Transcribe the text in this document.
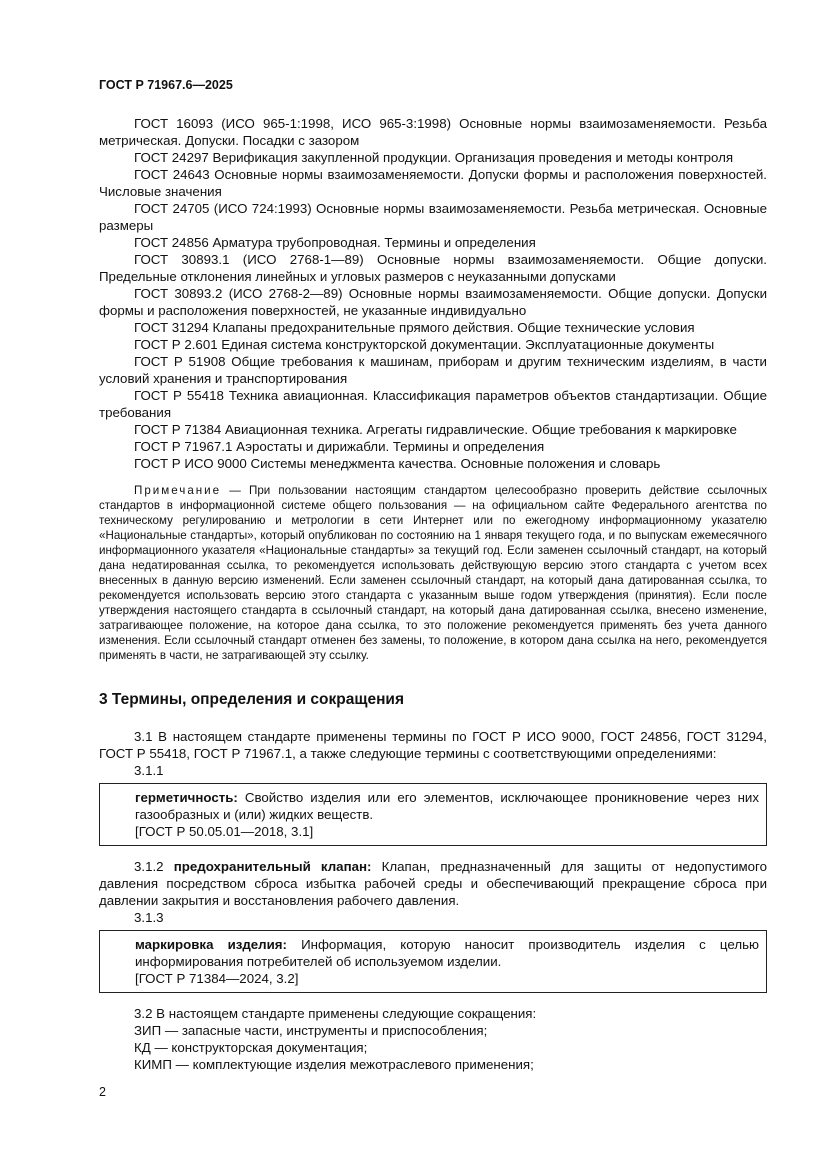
ГОСТ Р 71967.6—2025

ГОСТ 16093 (ИСО 965-1:1998, ИСО 965-3:1998) Основные нормы взаимозаменяемости. Резьба метрическая. Допуски. Посадки с зазором

ГОСТ 24297 Верификация закупленной продукции. Организация проведения и методы контроля

ГОСТ 24643 Основные нормы взаимозаменяемости. Допуски формы и расположения поверхностей. Числовые значения

ГОСТ 24705 (ИСО 724:1993) Основные нормы взаимозаменяемости. Резьба метрическая. Основные размеры

ГОСТ 24856 Арматура трубопроводная. Термины и определения

ГОСТ 30893.1 (ИСО 2768-1—89) Основные нормы взаимозаменяемости. Общие допуски. Предельные отклонения линейных и угловых размеров с неуказанными допусками

ГОСТ 30893.2 (ИСО 2768-2—89) Основные нормы взаимозаменяемости. Общие допуски. Допуски формы и расположения поверхностей, не указанные индивидуально

ГОСТ 31294 Клапаны предохранительные прямого действия. Общие технические условия

ГОСТ Р 2.601 Единая система конструкторской документации. Эксплуатационные документы

ГОСТ Р 51908 Общие требования к машинам, приборам и другим техническим изделиям, в части условий хранения и транспортирования

ГОСТ Р 55418 Техника авиационная. Классификация параметров объектов стандартизации. Общие требования

ГОСТ Р 71384 Авиационная техника. Агрегаты гидравлические. Общие требования к маркировке

ГОСТ Р 71967.1 Аэростаты и дирижабли. Термины и определения

ГОСТ Р ИСО 9000 Системы менеджмента качества. Основные положения и словарь

Примечание — При пользовании настоящим стандартом целесообразно проверить действие ссылочных стандартов в информационной системе общего пользования — на официальном сайте Федерального агентства по техническому регулированию и метрологии в сети Интернет или по ежегодному информационному указателю «Национальные стандарты», который опубликован по состоянию на 1 января текущего года, и по выпускам ежемесячного информационного указателя «Национальные стандарты» за текущий год. Если заменен ссылочный стандарт, на который дана недатированная ссылка, то рекомендуется использовать действующую версию этого стандарта с учетом всех внесенных в данную версию изменений. Если заменен ссылочный стандарт, на который дана датированная ссылка, то рекомендуется использовать версию этого стандарта с указанным выше годом утверждения (принятия). Если после утверждения настоящего стандарта в ссылочный стандарт, на который дана датированная ссылка, внесено изменение, затрагивающее положение, на которое дана ссылка, то это положение рекомендуется применять без учета данного изменения. Если ссылочный стандарт отменен без замены, то положение, в котором дана ссылка на него, рекомендуется применять в части, не затрагивающей эту ссылку.

3 Термины, определения и сокращения

3.1 В настоящем стандарте применены термины по ГОСТ Р ИСО 9000, ГОСТ 24856, ГОСТ 31294, ГОСТ Р 55418, ГОСТ Р 71967.1, а также следующие термины с соответствующими определениями:

3.1.1

герметичность: Свойство изделия или его элементов, исключающее проникновение через них газообразных и (или) жидких веществ.

[ГОСТ Р 50.05.01—2018, 3.1]

3.1.2 предохранительный клапан: Клапан, предназначенный для защиты от недопустимого давления посредством сброса избытка рабочей среды и обеспечивающий прекращение сброса при давлении закрытия и восстановления рабочего давления.

3.1.3

маркировка изделия: Информация, которую наносит производитель изделия с целью информирования потребителей об используемом изделии.

[ГОСТ Р 71384—2024, 3.2]

3.2 В настоящем стандарте применены следующие сокращения:

ЗИП — запасные части, инструменты и приспособления;

КД — конструкторская документация;

КИМП — комплектующие изделия межотраслевого применения;

2
